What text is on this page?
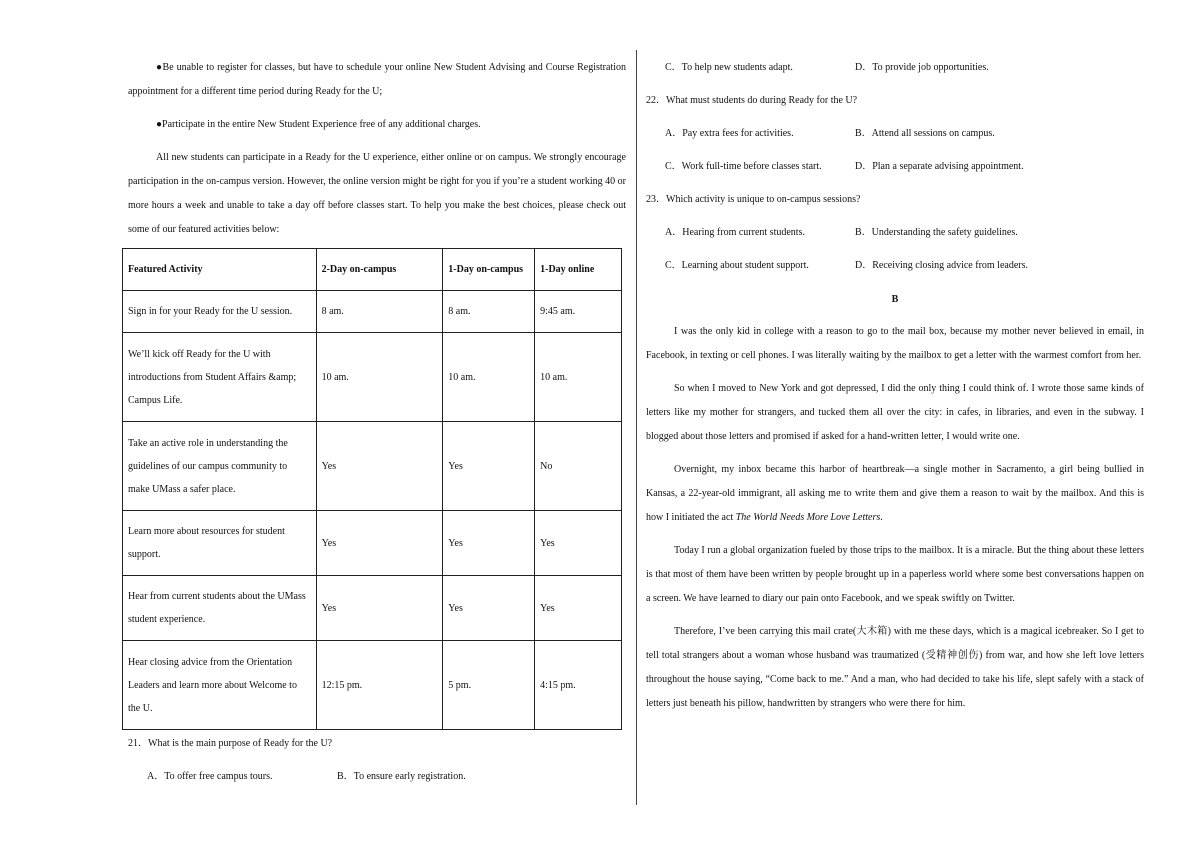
●Be unable to register for classes, but have to schedule your online New Student Advising and Course Registration appointment for a different time period during Ready for the U;

●Participate in the entire New Student Experience free of any additional charges.

All new students can participate in a Ready for the U experience, either online or on campus. We strongly encourage participation in the on-campus version. However, the online version might be right for you if you’re a student working 40 or more hours a week and unable to take a day off before classes start. To help you make the best choices, please check out some of our featured activities below:

Featured Activity	2-Day on-campus	1-Day on-campus	1-Day online
Sign in for your Ready for the U session.	8 am.	8 am.	9:45 am.
We’ll kick off Ready for the U with introductions from Student Affairs &amp; Campus Life.	10 am.	10 am.	10 am.
Take an active role in understanding the guidelines of our campus community to make UMass a safer place.	Yes	Yes	No
Learn more about resources for student support.	Yes	Yes	Yes
Hear from current students about the UMass student experience.	Yes	Yes	Yes
Hear closing advice from the Orientation Leaders and learn more about Welcome to the U.	12:15 pm.	5 pm.	4:15 pm.

21．What is the main purpose of Ready for the U?

A．To offer free campus tours.	B．To ensure early registration.
C．To help new students adapt.	D．To provide job opportunities.

22．What must students do during Ready for the U?

A．Pay extra fees for activities.	B．Attend all sessions on campus.
C．Work full-time before classes start.	D．Plan a separate advising appointment.

23．Which activity is unique to on-campus sessions?

A．Hearing from current students.	B．Understanding the safety guidelines.
C．Learning about student support.	D．Receiving closing advice from leaders.

B

I was the only kid in college with a reason to go to the mail box, because my mother never believed in email, in Facebook, in texting or cell phones. I was literally waiting by the mailbox to get a letter with the warmest comfort from her.

So when I moved to New York and got depressed, I did the only thing I could think of. I wrote those same kinds of letters like my mother for strangers, and tucked them all over the city: in cafes, in libraries, and even in the subway. I blogged about those letters and promised if asked for a hand-written letter, I would write one.

Overnight, my inbox became this harbor of heartbreak—a single mother in Sacramento, a girl being bullied in Kansas, a 22-year-old immigrant, all asking me to write them and give them a reason to wait by the mailbox. And this is how I initiated the act The World Needs More Love Letters.

Today I run a global organization fueled by those trips to the mailbox. It is a miracle. But the thing about these letters is that most of them have been written by people brought up in a paperless world where some best conversations happen on a screen. We have learned to diary our pain onto Facebook, and we speak swiftly on Twitter.

Therefore, I’ve been carrying this mail crate(大木箱) with me these days, which is a magical icebreaker. So I get to tell total strangers about a woman whose husband was traumatized (受精神创伤) from war, and how she left love letters throughout the house saying, “Come back to me.” And a man, who had decided to take his life, slept safely with a stack of letters just beneath his pillow, handwritten by strangers who were there for him.
